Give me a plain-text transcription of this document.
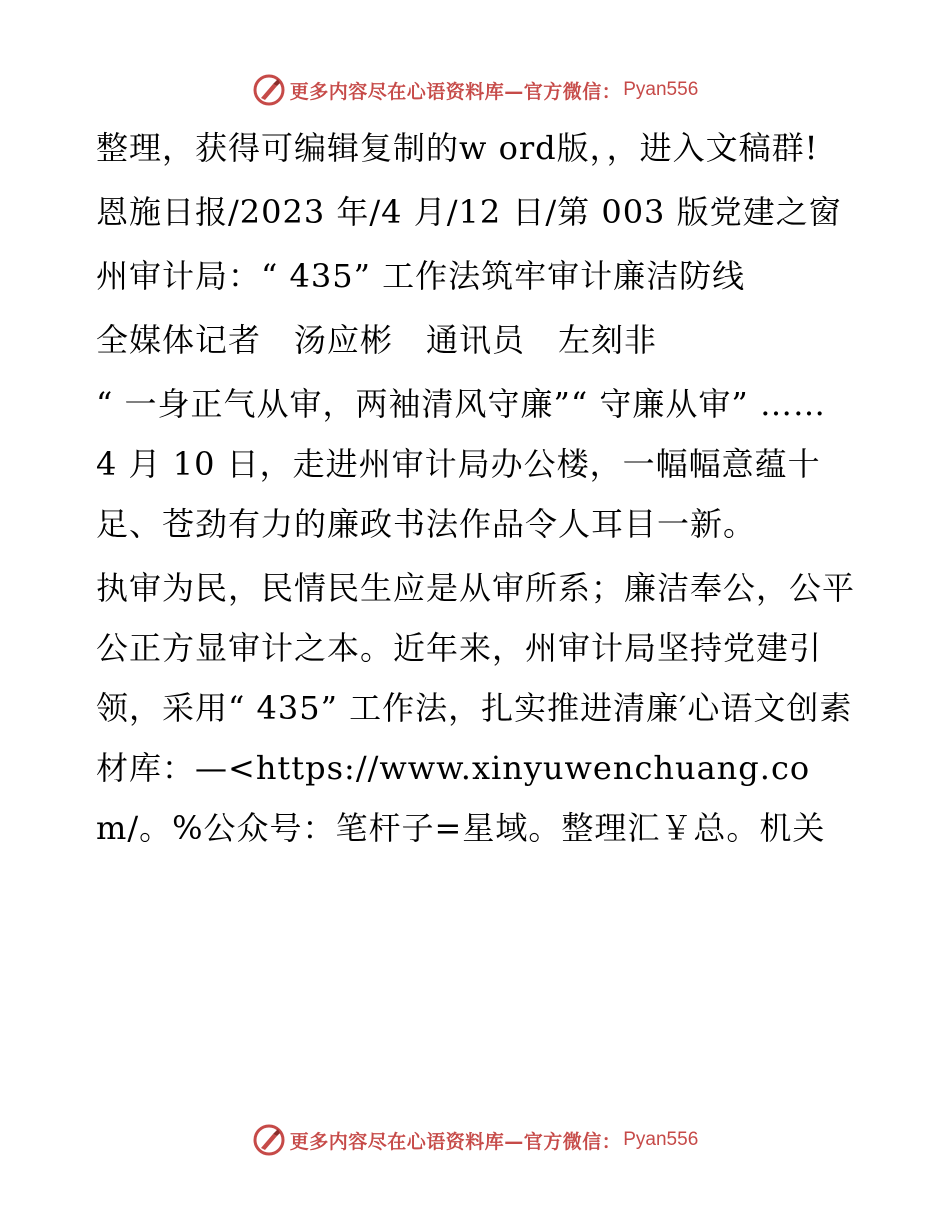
更多内容尽在心语资料库—官方微信： Pyan556

整理，获得可编辑复制的w ord版，，进入文稿群!

恩施日报/2023 年/4 月/12 日/第 003 版党建之窗

州审计局：“ 435” 工作法筑牢审计廉洁防线

全媒体记者　汤应彬　通讯员　左刻非

“ 一身正气从审，两袖清风守廉”“ 守廉从审” …… 4 月 10 日，走进州审计局办公楼，一幅幅意蕴十足、苍劲有力的廉政书法作品令人耳目一新。

执审为民，民情民生应是从审所系；廉洁奉公，公平公正方显审计之本。近年来，州审计局坚持党建引领，采用“ 435” 工作法，扎实推进清廉′心语文创素材库：—<https://www.xinyuwenchuang.com/。%公众号：笔杆子=星域。整理汇￥总。机关

更多内容尽在心语资料库—官方微信： Pyan556
